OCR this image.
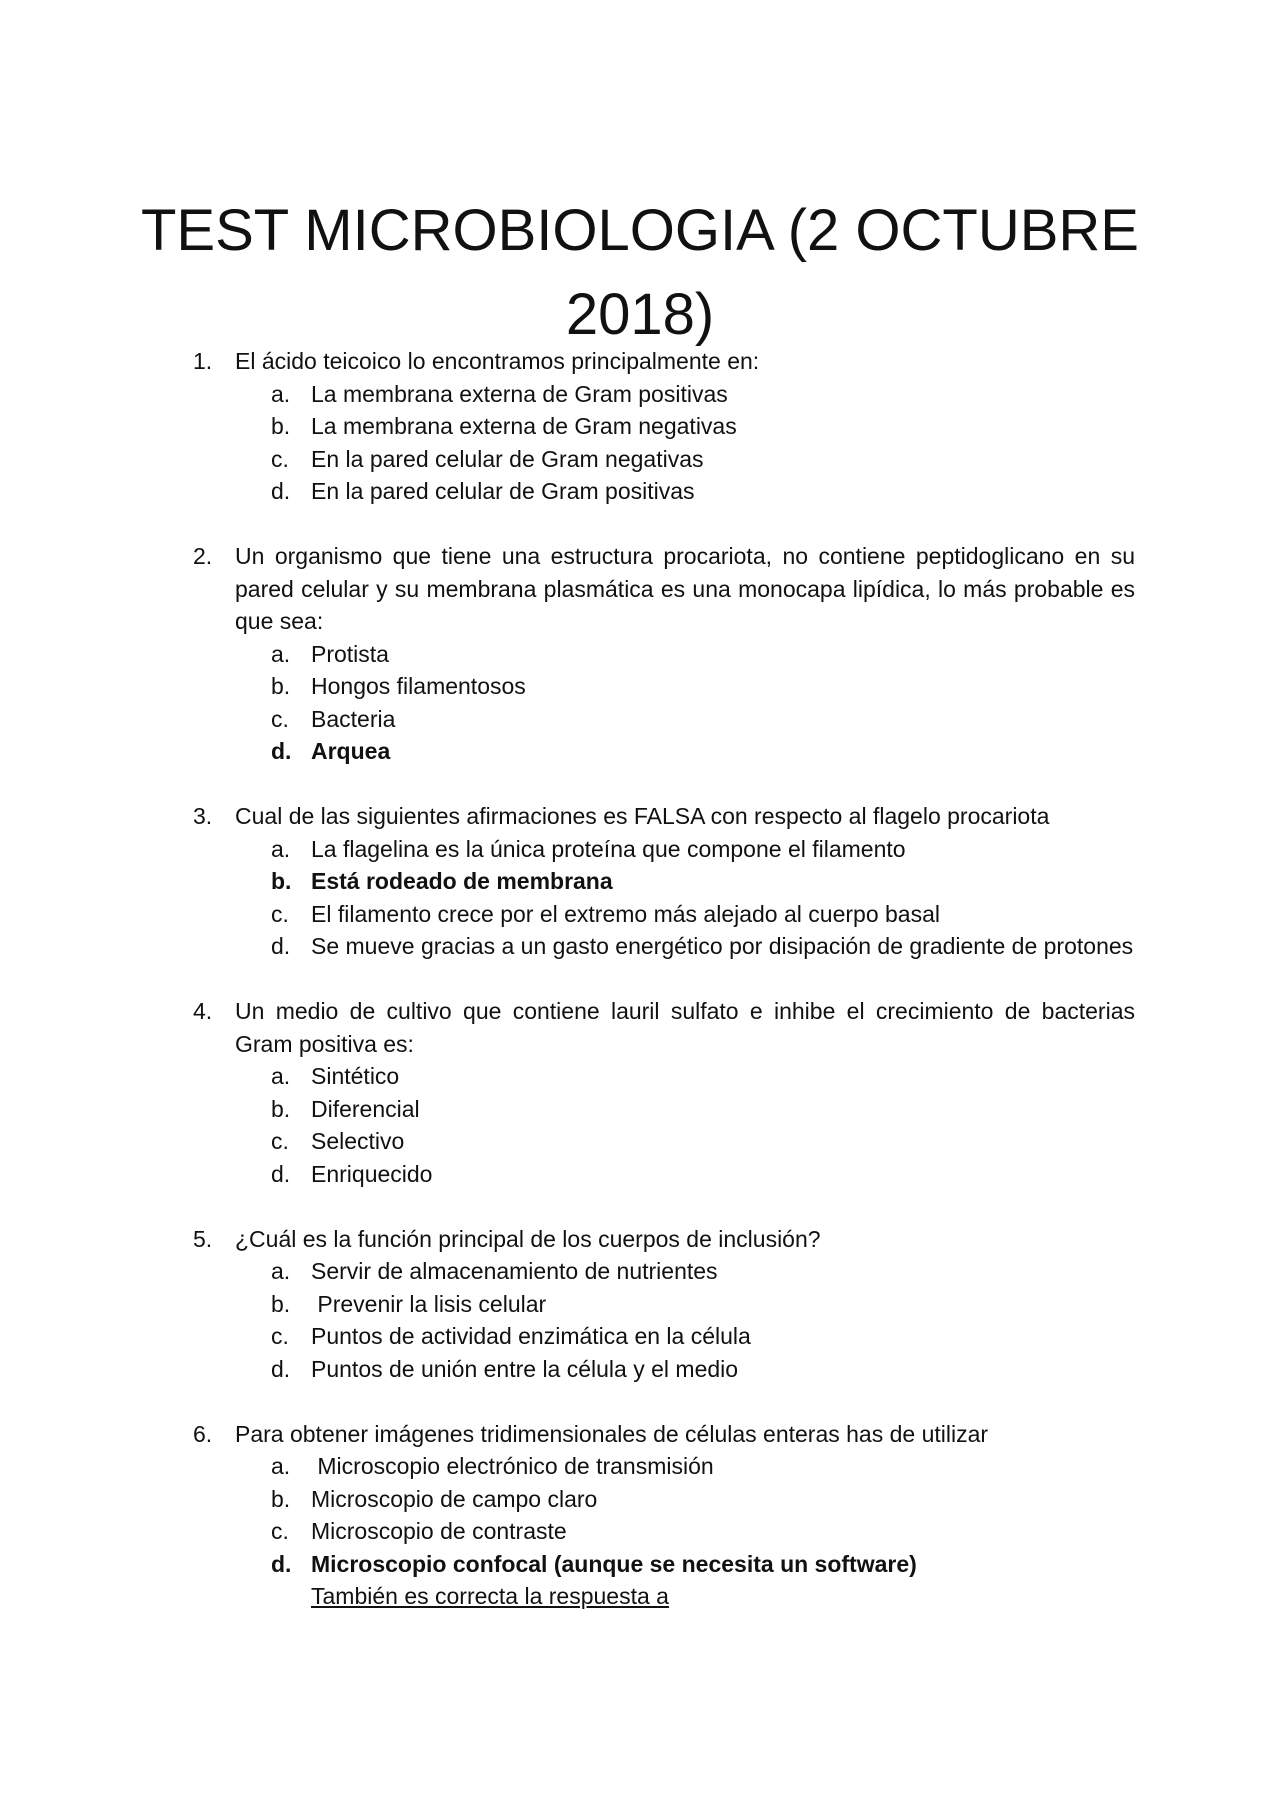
TEST MICROBIOLOGIA (2 OCTUBRE 2018)
1. El ácido teicoico lo encontramos principalmente en:
a. La membrana externa de Gram positivas
b. La membrana externa de Gram negativas
c. En la pared celular de Gram negativas
d. En la pared celular de Gram positivas
2. Un organismo que tiene una estructura procariota, no contiene peptidoglicano en su pared celular y su membrana plasmática es una monocapa lipídica, lo más probable es que sea:
a. Protista
b. Hongos filamentosos
c. Bacteria
d. Arquea
3. Cual de las siguientes afirmaciones es FALSA con respecto al flagelo procariota
a. La flagelina es la única proteína que compone el filamento
b. Está rodeado de membrana
c. El filamento crece por el extremo más alejado al cuerpo basal
d. Se mueve gracias a un gasto energético por disipación de gradiente de protones
4. Un medio de cultivo que contiene lauril sulfato e inhibe el crecimiento de bacterias Gram positiva es:
a. Sintético
b. Diferencial
c. Selectivo
d. Enriquecido
5. ¿Cuál es la función principal de los cuerpos de inclusión?
a. Servir de almacenamiento de nutrientes
b. Prevenir la lisis celular
c. Puntos de actividad enzimática en la célula
d. Puntos de unión entre la célula y el medio
6. Para obtener imágenes tridimensionales de células enteras has de utilizar
a. Microscopio electrónico de transmisión
b. Microscopio de campo claro
c. Microscopio de contraste
d. Microscopio confocal (aunque se necesita un software)
También es correcta la respuesta a
